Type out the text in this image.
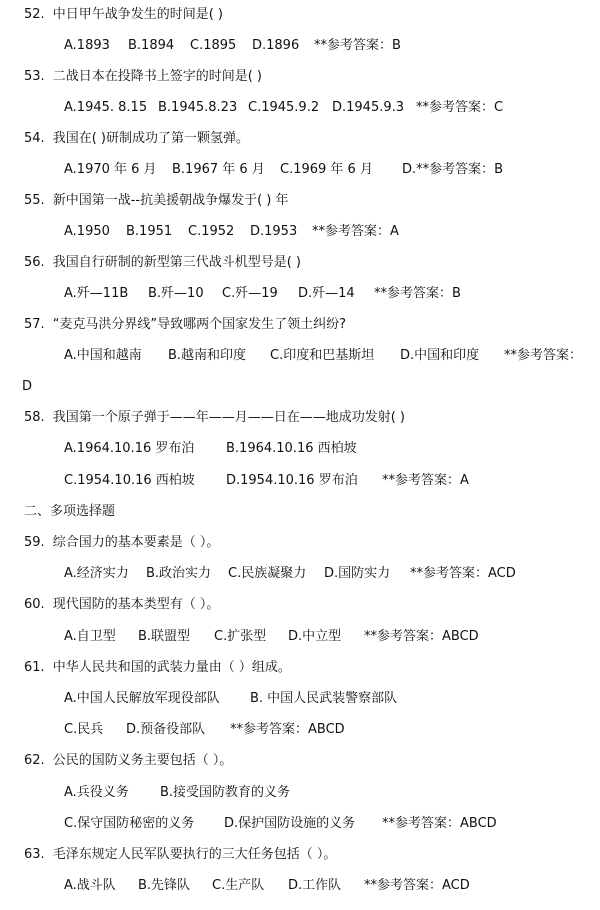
52. 中日甲午战争发生的时间是( )
A.1893 B.1894 C.1895 D.1896 **参考答案：B
53. 二战日本在投降书上签字的时间是( )
A.1945. 8.15 B.1945.8.23 C.1945.9.2 D.1945.9.3 **参考答案：C
54. 我国在( )研制成功了第一颗氢弹。
A.1970 年 6 月 B.1967 年 6 月 C.1969 年 6 月 D.**参考答案：B
55. 新中国第一战--抗美援朝战争爆发于( ) 年
A.1950 B.1951 C.1952 D.1953 **参考答案：A
56. 我国自行研制的新型第三代战斗机型号是( )
A.歼—11B B.歼—10 C.歼—19 D.歼—14 **参考答案：B
57. “麦克马洪分界线”导致哪两个国家发生了领土纠纷?
A.中国和越南 B.越南和印度 C.印度和巴基斯坦 D.中国和印度 **参考答案：
D
58. 我国第一个原子弹于——年——月——日在——地成功发射( )
A.1964.10.16 罗布泊 B.1964.10.16 西柏坡
C.1954.10.16 西柏坡 D.1954.10.16 罗布泊 **参考答案：A
二、多项选择题
59. 综合国力的基本要素是（ ）。
A.经济实力 B.政治实力 C.民族凝聚力 D.国防实力 **参考答案：ACD
60. 现代国防的基本类型有（ ）。
A.自卫型 B.联盟型 C.扩张型 D.中立型 **参考答案：ABCD
61. 中华人民共和国的武装力量由（ ）组成。
A.中国人民解放军现役部队 B. 中国人民武装警察部队
C.民兵 D.预备役部队 **参考答案：ABCD
62. 公民的国防义务主要包括（ ）。
A.兵役义务 B.接受国防教育的义务
C.保守国防秘密的义务 D.保护国防设施的义务 **参考答案：ABCD
63. 毛泽东规定人民军队要执行的三大任务包括（ ）。
A.战斗队 B.先锋队 C.生产队 D.工作队 **参考答案：ACD
